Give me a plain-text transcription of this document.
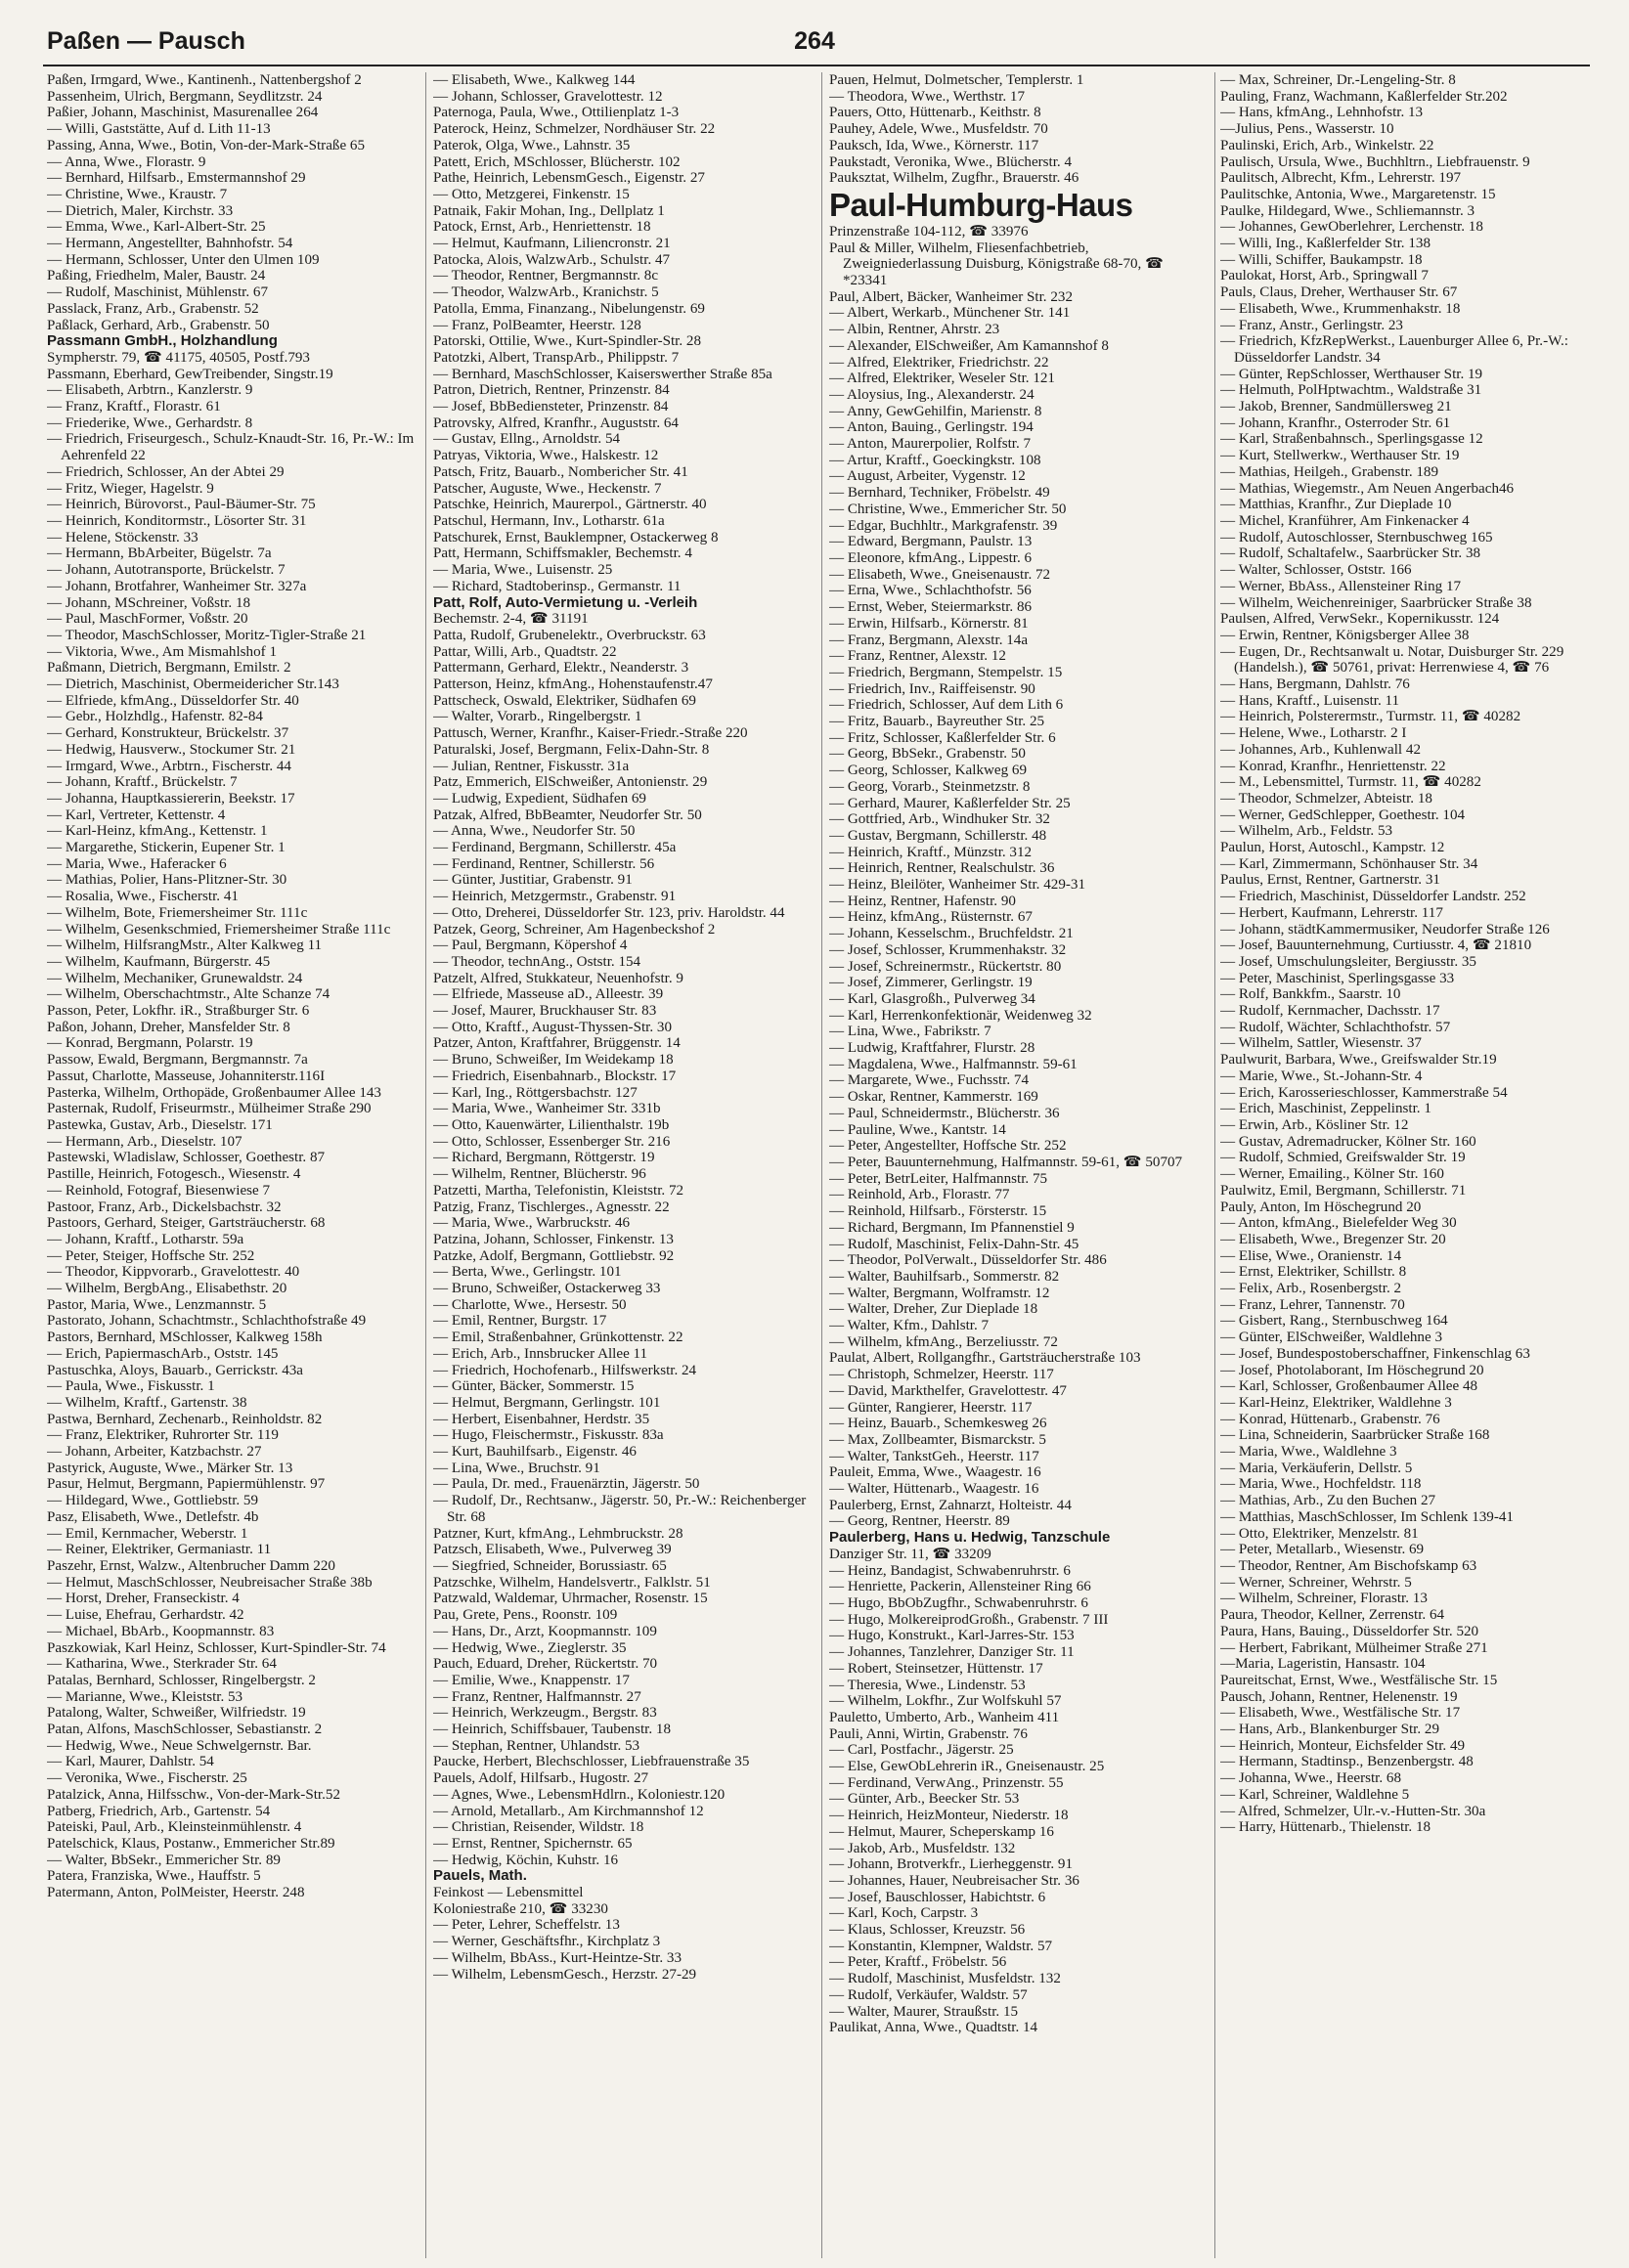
Paßen — Pausch	264
Paßen, Irmgard, Wwe., Kantinenh., Nattenbergshof 2
Passenheim, Ulrich, Bergmann, Seydlitzstr. 24
Paßier, Johann, Maschinist, Masurenallee 264
— Willi, Gaststätte, Auf d. Lith 11-13
Passing, Anna, Wwe., Botin, Von-der-Mark-Straße 65
— Anna, Wwe., Florastr. 9
— Bernhard, Hilfsarb., Emstermannshof 29
— Christine, Wwe., Kraustr. 7
— Dietrich, Maler, Kirchstr. 33
— Emma, Wwe., Karl-Albert-Str. 25
— Hermann, Angestellter, Bahnhofstr. 54
— Hermann, Schlosser, Unter den Ulmen 109
Paßing, Friedhelm, Maler, Baustr. 24
— Rudolf, Maschinist, Mühlenstr. 67
Passlack, Franz, Arb., Grabenstr. 52
Paßlack, Gerhard, Arb., Grabenstr. 50
Passmann GmbH., Holzhandlung
Sympherstr. 79, ☎ 41175, 40505, Postf.793
Passmann, Eberhard, GewTreibender, Singstr.19
— Elisabeth, Arbtrn., Kanzlerstr. 9
— Franz, Kraftf., Florastr. 61
— Friederike, Wwe., Gerhardstr. 8
— Friedrich, Friseurgesch., Schulz-Knaudt-Str. 16, Pr.-W.: Im Aehrenfeld 22
— Friedrich, Schlosser, An der Abtei 29
— Fritz, Wieger, Hagelstr. 9
— Heinrich, Bürovorst., Paul-Bäumer-Str. 75
— Heinrich, Konditormstr., Lösorter Str. 31
— Helene, Stöckenstr. 33
— Hermann, BbArbeiter, Bügelstr. 7a
— Johann, Autotransporte, Brückelstr. 7
— Johann, Brotfahrer, Wanheimer Str. 327a
— Johann, MSchreiner, Voßstr. 18
— Paul, MaschFormer, Voßstr. 20
— Theodor, MaschSchlosser, Moritz-Tigler-Straße 21
— Viktoria, Wwe., Am Mismahlshof 1
Paßmann, Dietrich, Bergmann, Emilstr. 2
— Dietrich, Maschinist, Obermeidericher Str.143
— Elfriede, kfmAng., Düsseldorfer Str. 40
— Gebr., Holzhdlg., Hafenstr. 82-84
— Gerhard, Konstrukteur, Brückelstr. 37
— Hedwig, Hausverw., Stockumer Str. 21
— Irmgard, Wwe., Arbtrn., Fischerstr. 44
— Johann, Kraftf., Brückelstr. 7
— Johanna, Hauptkassiererin, Beekstr. 17
— Karl, Vertreter, Kettenstr. 4
— Karl-Heinz, kfmAng., Kettenstr. 1
— Margarethe, Stickerin, Eupener Str. 1
— Maria, Wwe., Haferacker 6
— Mathias, Polier, Hans-Plitzner-Str. 30
— Rosalia, Wwe., Fischerstr. 41
— Wilhelm, Bote, Friemersheimer Str. 111c
— Wilhelm, Gesenkschmied, Friemersheimer Straße 111c
— Wilhelm, HilfsrangMstr., Alter Kalkweg 11
— Wilhelm, Kaufmann, Bürgerstr. 45
— Wilhelm, Mechaniker, Grunewaldstr. 24
— Wilhelm, Oberschachtmstr., Alte Schanze 74
Passon, Peter, Lokfhr. iR., Straßburger Str. 6
Paßon, Johann, Dreher, Mansfelder Str. 8
— Konrad, Bergmann, Polarstr. 19
Passow, Ewald, Bergmann, Bergmannstr. 7a
Passut, Charlotte, Masseuse, Johanniterstr.116I
Pasterka, Wilhelm, Orthopäde, Großenbaumer Allee 143
Pasternak, Rudolf, Friseurmstr., Mülheimer Straße 290
Pastewka, Gustav, Arb., Dieselstr. 171
— Hermann, Arb., Dieselstr. 107
Pastewski, Wladislaw, Schlosser, Goethestr. 87
Pastille, Heinrich, Fotogesch., Wiesenstr. 4
— Reinhold, Fotograf, Biesenwiese 7
Pastoor, Franz, Arb., Dickelsbachstr. 32
Pastoors, Gerhard, Steiger, Gartsträucherstr. 68
— Johann, Kraftf., Lotharstr. 59a
— Peter, Steiger, Hoffsche Str. 252
— Theodor, Kippvorarb., Gravelottestr. 40
— Wilhelm, BergbAng., Elisabethstr. 20
Pastor, Maria, Wwe., Lenzmannstr. 5
Pastorato, Johann, Schachtmstr., Schlachthofstraße 49
Pastors, Bernhard, MSchlosser, Kalkweg 158h
— Erich, PapiermaschArb., Oststr. 145
Pastuschka, Aloys, Bauarb., Gerrickstr. 43a
— Paula, Wwe., Fiskusstr. 1
— Wilhelm, Kraftf., Gartenstr. 38
Pastwa, Bernhard, Zechenarb., Reinholdstr. 82
— Franz, Elektriker, Ruhrorter Str. 119
— Johann, Arbeiter, Katzbachstr. 27
Pastyrick, Auguste, Wwe., Märker Str. 13
Pasur, Helmut, Bergmann, Papiermühlenstr. 97
— Hildegard, Wwe., Gottliebstr. 59
Pasz, Elisabeth, Wwe., Detlefstr. 4b
— Emil, Kernmacher, Weberstr. 1
— Reiner, Elektriker, Germaniastr. 11
Paszehr, Ernst, Walzw., Altenbrucher Damm 220
— Helmut, MaschSchlosser, Neubreisacher Straße 38b
— Horst, Dreher, Franseckistr. 4
— Luise, Ehefrau, Gerhardstr. 42
— Michael, BbArb., Koopmannstr. 83
Paszkowiak, Karl Heinz, Schlosser, Kurt-Spindler-Str. 74
— Katharina, Wwe., Sterkrader Str. 64
Patalas, Bernhard, Schlosser, Ringelbergstr. 2
— Marianne, Wwe., Kleiststr. 53
Patalong, Walter, Schweißer, Wilfriedstr. 19
Patan, Alfons, MaschSchlosser, Sebastianstr. 2
— Hedwig, Wwe., Neue Schwelgernstr. Bar.
— Karl, Maurer, Dahlstr. 54
— Veronika, Wwe., Fischerstr. 25
Patalzick, Anna, Hilfsschw., Von-der-Mark-Str.52
Patberg, Friedrich, Arb., Gartenstr. 54
Pateiski, Paul, Arb., Kleinsteinmühlenstr. 4
Patelschick, Klaus, Postanw., Emmericher Str.89
— Walter, BbSekr., Emmericher Str. 89
Patera, Franziska, Wwe., Hauffstr. 5
Patermann, Anton, PolMeister, Heerstr. 248
— Elisabeth, Wwe., Kalkweg 144
— Johann, Schlosser, Gravelottestr. 12
Paternoga, Paula, Wwe., Ottilienplatz 1-3
Paterock, Heinz, Schmelzer, Nordhäuser Str. 22
Paterok, Olga, Wwe., Lahnstr. 35
Patett, Erich, MSchlosser, Blücherstr. 102
Pathe, Heinrich, LebensmGesch., Eigenstr. 27
— Otto, Metzgerei, Finkenstr. 15
Patnaik, Fakir Mohan, Ing., Dellplatz 1
Patock, Ernst, Arb., Henriettenstr. 18
— Helmut, Kaufmann, Liliencronstr. 21
Patocka, Alois, WalzwArb., Schulstr. 47
— Theodor, Rentner, Bergmannstr. 8c
— Theodor, WalzwArb., Kranichstr. 5
Patolla, Emma, Finanzang., Nibelungenstr. 69
— Franz, PolBeamter, Heerstr. 128
Patorski, Ottilie, Wwe., Kurt-Spindler-Str. 28
Patotzki, Albert, TranspArb., Philippstr. 7
— Bernhard, MaschSchlosser, Kaiserswerther Straße 85a
Patron, Dietrich, Rentner, Prinzenstr. 84
— Josef, BbBediensteter, Prinzenstr. 84
Patrovsky, Alfred, Kranfhr., Auguststr. 64
— Gustav, Ellng., Arnoldstr. 54
Patryas, Viktoria, Wwe., Halskestr. 12
Patsch, Fritz, Bauarb., Nombericher Str. 41
Patscher, Auguste, Wwe., Heckenstr. 7
Patschke, Heinrich, Maurerpol., Gärtnerstr. 40
Patschul, Hermann, Inv., Lotharstr. 61a
Patschurek, Ernst, Bauklempner, Ostackerweg 8
Patt, Hermann, Schiffsmakler, Bechemstr. 4
— Maria, Wwe., Luisenstr. 25
— Richard, Stadtoberinsp., Germanstr. 11
Patt, Rolf, Auto-Vermietung u. -Verleih
Bechemstr. 2-4, ☎ 31191
Patta, Rudolf, Grubenelektr., Overbruckstr. 63
Pattar, Willi, Arb., Quadtstr. 22
Pattermann, Gerhard, Elektr., Neanderstr. 3
Patterson, Heinz, kfmAng., Hohenstaufenstr.47
Pattscheck, Oswald, Elektriker, Südhafen 69
— Walter, Vorarb., Ringelbergstr. 1
Pattusch, Werner, Kranfhr., Kaiser-Friedr.-Straße 220
Paturalski, Josef, Bergmann, Felix-Dahn-Str. 8
— Julian, Rentner, Fiskusstr. 31a
Patz, Emmerich, ElSchweißer, Antonienstr. 29
— Ludwig, Expedient, Südhafen 69
Patzak, Alfred, BbBeamter, Neudorfer Str. 50
— Anna, Wwe., Neudorfer Str. 50
— Ferdinand, Bergmann, Schillerstr. 45a
— Ferdinand, Rentner, Schillerstr. 56
— Günter, Justitiar, Grabenstr. 91
— Heinrich, Metzgermstr., Grabenstr. 91
— Otto, Dreherei, Düsseldorfer Str. 123, priv. Haroldstr. 44
Patzek, Georg, Schreiner, Am Hagenbeckshof 2
— Paul, Bergmann, Köpershof 4
— Theodor, technAng., Oststr. 154
Patzelt, Alfred, Stukkateur, Neuenhofstr. 9
— Elfriede, Masseuse aD., Alleestr. 39
— Josef, Maurer, Bruckhauser Str. 83
— Otto, Kraftf., August-Thyssen-Str. 30
Patzer, Anton, Kraftfahrer, Brüggenstr. 14
— Bruno, Schweißer, Im Weidekamp 18
— Friedrich, Eisenbahnarb., Blockstr. 17
— Karl, Ing., Röttgersbachstr. 127
— Maria, Wwe., Wanheimer Str. 331b
— Otto, Kauenwärter, Lilienthalstr. 19b
— Otto, Schlosser, Essenberger Str. 216
— Richard, Bergmann, Röttgerstr. 19
— Wilhelm, Rentner, Blücherstr. 96
Patzetti, Martha, Telefonistin, Kleiststr. 72
Patzig, Franz, Tischlerges., Agnesstr. 22
— Maria, Wwe., Warbruckstr. 46
Patzina, Johann, Schlosser, Finkenstr. 13
Patzke, Adolf, Bergmann, Gottliebstr. 92
— Berta, Wwe., Gerlingstr. 101
— Bruno, Schweißer, Ostackerweg 33
— Charlotte, Wwe., Hersestr. 50
— Emil, Rentner, Burgstr. 17
— Emil, Straßenbahner, Grünkottenstr. 22
— Erich, Arb., Innsbrucker Allee 11
— Friedrich, Hochofenarb., Hilfswerkstr. 24
— Günter, Bäcker, Sommerstr. 15
— Helmut, Bergmann, Gerlingstr. 101
— Herbert, Eisenbahner, Herdstr. 35
— Hugo, Fleischermstr., Fiskusstr. 83a
— Kurt, Bauhilfsarb., Eigenstr. 46
— Lina, Wwe., Bruchstr. 91
— Paula, Dr. med., Frauenärztin, Jägerstr. 50
— Rudolf, Dr., Rechtsanw., Jägerstr. 50, Pr.-W.: Reichenberger Str. 68
Patzner, Kurt, kfmAng., Lehmbruckstr. 28
Patzsch, Elisabeth, Wwe., Pulverweg 39
— Siegfried, Schneider, Borussiastr. 65
Patzschke, Wilhelm, Handelsvertr., Falklstr. 51
Patzwald, Waldemar, Uhrmacher, Rosenstr. 15
Pau, Grete, Pens., Roonstr. 109
— Hans, Dr., Arzt, Koopmannstr. 109
— Hedwig, Wwe., Zieglerstr. 35
Pauch, Eduard, Dreher, Rückertstr. 70
— Emilie, Wwe., Knappenstr. 17
— Franz, Rentner, Halfmannstr. 27
— Heinrich, Werkzeugm., Bergstr. 83
— Heinrich, Schiffsbauer, Taubenstr. 18
— Stephan, Rentner, Uhlandstr. 53
Paucke, Herbert, Blechschlosser, Liebfrauenstraße 35
Pauels, Adolf, Hilfsarb., Hugostr. 27
— Agnes, Wwe., LebensmHdlrn., Koloniestr.120
— Arnold, Metallarb., Am Kirchmannshof 12
— Christian, Reisender, Wildstr. 18
— Ernst, Rentner, Spichernstr. 65
— Hedwig, Köchin, Kuhstr. 16
Pauels, Math.
Feinkost — Lebensmittel
Koloniestraße 210, ☎ 33230
— Peter, Lehrer, Scheffelstr. 13
— Werner, Geschäftsfhr., Kirchplatz 3
— Wilhelm, BbAss., Kurt-Heintze-Str. 33
— Wilhelm, LebensmGesch., Herzstr. 27-29
Pauen, Helmut, Dolmetscher, Templerstr. 1
— Theodora, Wwe., Werthstr. 17
Pauers, Otto, Hüttenarb., Keithstr. 8
Pauhey, Adele, Wwe., Musfeldstr. 70
Pauksch, Ida, Wwe., Körnerstr. 117
Paukstadt, Veronika, Wwe., Blücherstr. 4
Pauksztat, Wilhelm, Zugfhr., Brauerstr. 46
Paul-Humburg-Haus
Prinzenstraße 104-112, ☎ 33976
Paul & Miller, Wilhelm, Fliesenfachbetrieb, Zweigniederlassung Duisburg, Königstraße 68-70, ☎ *23341
Paul, Albert, Bäcker, Wanheimer Str. 232
— Albert, Werkarb., Münchener Str. 141
— Albin, Rentner, Ahrstr. 23
— Alexander, ElSchweißer, Am Kamannshof 8
— Alfred, Elektriker, Friedrichstr. 22
— Alfred, Elektriker, Weseler Str. 121
— Aloysius, Ing., Alexanderstr. 24
— Anny, GewGehilfin, Marienstr. 8
— Anton, Bauing., Gerlingstr. 194
— Anton, Maurerpolier, Rolfstr. 7
— Artur, Kraftf., Goeckingkstr. 108
— August, Arbeiter, Vygenstr. 12
— Bernhard, Techniker, Fröbelstr. 49
— Christine, Wwe., Emmericher Str. 50
— Edgar, Buchhltr., Markgrafenstr. 39
— Edward, Bergmann, Paulstr. 13
— Eleonore, kfmAng., Lippestr. 6
— Elisabeth, Wwe., Gneisenaustr. 72
— Erna, Wwe., Schlachthofstr. 56
— Ernst, Weber, Steiermarkstr. 86
— Erwin, Hilfsarb., Körnerstr. 81
— Franz, Bergmann, Alexstr. 14a
— Franz, Rentner, Alexstr. 12
— Friedrich, Bergmann, Stempelstr. 15
— Friedrich, Inv., Raiffeisenstr. 90
— Friedrich, Schlosser, Auf dem Lith 6
— Fritz, Bauarb., Bayreuther Str. 25
— Fritz, Schlosser, Kaßlerfelder Str. 6
— Georg, BbSekr., Grabenstr. 50
— Georg, Schlosser, Kalkweg 69
— Georg, Vorarb., Steinmetzstr. 8
— Gerhard, Maurer, Kaßlerfelder Str. 25
— Gottfried, Arb., Windhuker Str. 32
— Gustav, Bergmann, Schillerstr. 48
— Heinrich, Kraftf., Münzstr. 312
— Heinrich, Rentner, Realschulstr. 36
— Heinz, Bleilöter, Wanheimer Str. 429-31
— Heinz, Rentner, Hafenstr. 90
— Heinz, kfmAng., Rüsternstr. 67
— Johann, Kesselschm., Bruchfeldstr. 21
— Josef, Schlosser, Krummenhakstr. 32
— Josef, Schreinermstr., Rückertstr. 80
— Josef, Zimmerer, Gerlingstr. 19
— Karl, Glasgroßh., Pulverweg 34
— Karl, Herrenkonfektionär, Weidenweg 32
— Lina, Wwe., Fabrikstr. 7
— Ludwig, Kraftfahrer, Flurstr. 28
— Magdalena, Wwe., Halfmannstr. 59-61
— Margarete, Wwe., Fuchsstr. 74
— Oskar, Rentner, Kammerstr. 169
— Paul, Schneidermstr., Blücherstr. 36
— Pauline, Wwe., Kantstr. 14
— Peter, Angestellter, Hoffsche Str. 252
— Peter, Bauunternehmung, Halfmannstr. 59-61, ☎ 50707
— Peter, BetrLeiter, Halfmannstr. 75
— Reinhold, Arb., Florastr. 77
— Reinhold, Hilfsarb., Försterstr. 15
— Richard, Bergmann, Im Pfannenstiel 9
— Rudolf, Maschinist, Felix-Dahn-Str. 45
— Theodor, PolVerwalt., Düsseldorfer Str. 486
— Walter, Bauhilfsarb., Sommerstr. 82
— Walter, Bergmann, Wolframstr. 12
— Walter, Dreher, Zur Dieplade 18
— Walter, Kfm., Dahlstr. 7
— Wilhelm, kfmAng., Berzeliusstr. 72
Paulat, Albert, Rollgangfhr., Gartsträucherstraße 103
— Christoph, Schmelzer, Heerstr. 117
— David, Markthelfer, Gravelottestr. 47
— Günter, Rangierer, Heerstr. 117
— Heinz, Bauarb., Schemkesweg 26
— Max, Zollbeamter, Bismarckstr. 5
— Walter, TankstGeh., Heerstr. 117
Pauleit, Emma, Wwe., Waagestr. 16
— Walter, Hüttenarb., Waagestr. 16
Paulerberg, Ernst, Zahnarzt, Holteistr. 44
— Georg, Rentner, Heerstr. 89
Paulerberg, Hans u. Hedwig, Tanzschule
Danziger Str. 11, ☎ 33209
— Heinz, Bandagist, Schwabenruhrstr. 6
— Henriette, Packerin, Allensteiner Ring 66
— Hugo, BbObZugfhr., Schwabenruhrstr. 6
— Hugo, MolkereiprodGroßh., Grabenstr. 7 III
— Hugo, Konstrukt., Karl-Jarres-Str. 153
— Johannes, Tanzlehrer, Danziger Str. 11
— Robert, Steinsetzer, Hüttenstr. 17
— Theresia, Wwe., Lindenstr. 53
— Wilhelm, Lokfhr., Zur Wolfskuhl 57
Pauletto, Umberto, Arb., Wanheim 411
Pauli, Anni, Wirtin, Grabenstr. 76
— Carl, Postfachr., Jägerstr. 25
— Else, GewObLehrerin iR., Gneisenaustr. 25
— Ferdinand, VerwAng., Prinzenstr. 55
— Günter, Arb., Beecker Str. 53
— Heinrich, HeizMonteur, Niederstr. 18
— Helmut, Maurer, Scheperskamp 16
— Jakob, Arb., Musfeldstr. 132
— Johann, Brotverkfr., Lierheggenstr. 91
— Johannes, Hauer, Neubreisacher Str. 36
— Josef, Bauschlosser, Habichtstr. 6
— Karl, Koch, Carpstr. 3
— Klaus, Schlosser, Kreuzstr. 56
— Konstantin, Klempner, Waldstr. 57
— Peter, Kraftf., Fröbelstr. 56
— Rudolf, Maschinist, Musfeldstr. 132
— Rudolf, Verkäufer, Waldstr. 57
— Walter, Maurer, Straußstr. 15
Paulikat, Anna, Wwe., Quadtstr. 14
— Max, Schreiner, Dr.-Lengeling-Str. 8
Pauling, Franz, Wachmann, Kaßlerfelder Str.202
— Hans, kfmAng., Lehnhofstr. 13
—Julius, Pens., Wasserstr. 10
Paulinski, Erich, Arb., Winkelstr. 22
Paulisch, Ursula, Wwe., Buchhltrn., Liebfrauenstr. 9
Paulitsch, Albrecht, Kfm., Lehrerstr. 197
Paulitschke, Antonia, Wwe., Margaretenstr. 15
Paulke, Hildegard, Wwe., Schliemannstr. 3
— Johannes, GewOberlehrer, Lerchenstr. 18
— Willi, Ing., Kaßlerfelder Str. 138
— Willi, Schiffer, Baukampstr. 18
Paulokat, Horst, Arb., Springwall 7
Pauls, Claus, Dreher, Werthauser Str. 67
— Elisabeth, Wwe., Krummenhakstr. 18
— Franz, Anstr., Gerlingstr. 23
— Friedrich, KfzRepWerkst., Lauenburger Allee 6, Pr.-W.: Düsseldorfer Landstr. 34
— Günter, RepSchlosser, Werthauser Str. 19
— Helmuth, PolHptwachtm., Waldstraße 31
— Jakob, Brenner, Sandmüllersweg 21
— Johann, Kranfhr., Osterroder Str. 61
— Karl, Straßenbahnsch., Sperlingsgasse 12
— Kurt, Stellwerkw., Werthauser Str. 19
— Mathias, Heilgeh., Grabenstr. 189
— Mathias, Wiegemstr., Am Neuen Angerbach46
— Matthias, Kranfhr., Zur Dieplade 10
— Michel, Kranführer, Am Finkenacker 4
— Rudolf, Autoschlosser, Sternbuschweg 165
— Rudolf, Schaltafelw., Saarbrücker Str. 38
— Walter, Schlosser, Oststr. 166
— Werner, BbAss., Allensteiner Ring 17
— Wilhelm, Weichenreiniger, Saarbrücker Straße 38
Paulsen, Alfred, VerwSekr., Kopernikusstr. 124
— Erwin, Rentner, Königsberger Allee 38
— Eugen, Dr., Rechtsanwalt u. Notar, Duisburger Str. 229 (Handelsh.), ☎ 50761, privat: Herrenwiese 4, ☎ 76
— Hans, Bergmann, Dahlstr. 76
— Hans, Kraftf., Luisenstr. 11
— Heinrich, Polsterermstr., Turmstr. 11, ☎ 40282
— Helene, Wwe., Lotharstr. 2 I
— Johannes, Arb., Kuhlenwall 42
— Konrad, Kranfhr., Henriettenstr. 22
— M., Lebensmittel, Turmstr. 11, ☎ 40282
— Theodor, Schmelzer, Abteistr. 18
— Werner, GedSchlepper, Goethestr. 104
— Wilhelm, Arb., Feldstr. 53
Paulun, Horst, Autoschl., Kampstr. 12
— Karl, Zimmermann, Schönhauser Str. 34
Paulus, Ernst, Rentner, Gartnerstr. 31
— Friedrich, Maschinist, Düsseldorfer Landstr. 252
— Herbert, Kaufmann, Lehrerstr. 117
— Johann, städtKammermusiker, Neudorfer Straße 126
— Josef, Bauunternehmung, Curtiusstr. 4, ☎ 21810
— Josef, Umschulungsleiter, Bergiusstr. 35
— Peter, Maschinist, Sperlingsgasse 33
— Rolf, Bankkfm., Saarstr. 10
— Rudolf, Kernmacher, Dachsstr. 17
— Rudolf, Wächter, Schlachthofstr. 57
— Wilhelm, Sattler, Wiesenstr. 37
Paulwurit, Barbara, Wwe., Greifswalder Str.19
— Marie, Wwe., St.-Johann-Str. 4
— Erich, Karosserieschlosser, Kammerstraße 54
— Erich, Maschinist, Zeppelinstr. 1
— Erwin, Arb., Kösliner Str. 12
— Gustav, Adremadrucker, Kölner Str. 160
— Rudolf, Schmied, Greifswalder Str. 19
— Werner, Emailing., Kölner Str. 160
Paulwitz, Emil, Bergmann, Schillerstr. 71
Pauly, Anton, Im Höschegrund 20
— Anton, kfmAng., Bielefelder Weg 30
— Elisabeth, Wwe., Bregenzer Str. 20
— Elise, Wwe., Oranienstr. 14
— Ernst, Elektriker, Schillstr. 8
— Felix, Arb., Rosenbergstr. 2
— Franz, Lehrer, Tannenstr. 70
— Gisbert, Rang., Sternbuschweg 164
— Günter, ElSchweißer, Waldlehne 3
— Josef, Bundespostoberschaffner, Finkenschlag 63
— Josef, Photolaborant, Im Höschegrund 20
— Karl, Schlosser, Großenbaumer Allee 48
— Karl-Heinz, Elektriker, Waldlehne 3
— Konrad, Hüttenarb., Grabenstr. 76
— Lina, Schneiderin, Saarbrücker Straße 168
— Maria, Wwe., Waldlehne 3
— Maria, Verkäuferin, Dellstr. 5
— Maria, Wwe., Hochfeldstr. 118
— Mathias, Arb., Zu den Buchen 27
— Matthias, MaschSchlosser, Im Schlenk 139-41
— Otto, Elektriker, Menzelstr. 81
— Peter, Metallarb., Wiesenstr. 69
— Theodor, Rentner, Am Bischofskamp 63
— Werner, Schreiner, Wehrstr. 5
— Wilhelm, Schreiner, Florastr. 13
Paura, Theodor, Kellner, Zerrenstr. 64
Paura, Hans, Bauing., Düsseldorfer Str. 520
— Herbert, Fabrikant, Mülheimer Straße 271
—Maria, Lageristin, Hansastr. 104
Paureitschat, Ernst, Wwe., Westfälische Str. 15
Pausch, Johann, Rentner, Helenenstr. 19
— Elisabeth, Wwe., Westfälische Str. 17
— Hans, Arb., Blankenburger Str. 29
— Heinrich, Monteur, Eichsfelder Str. 49
— Hermann, Stadtinsp., Benzenbergstr. 48
— Johanna, Wwe., Heerstr. 68
— Karl, Schreiner, Waldlehne 5
— Alfred, Schmelzer, Ulr.-v.-Hutten-Str. 30a
— Harry, Hüttenarb., Thielenstr. 18
